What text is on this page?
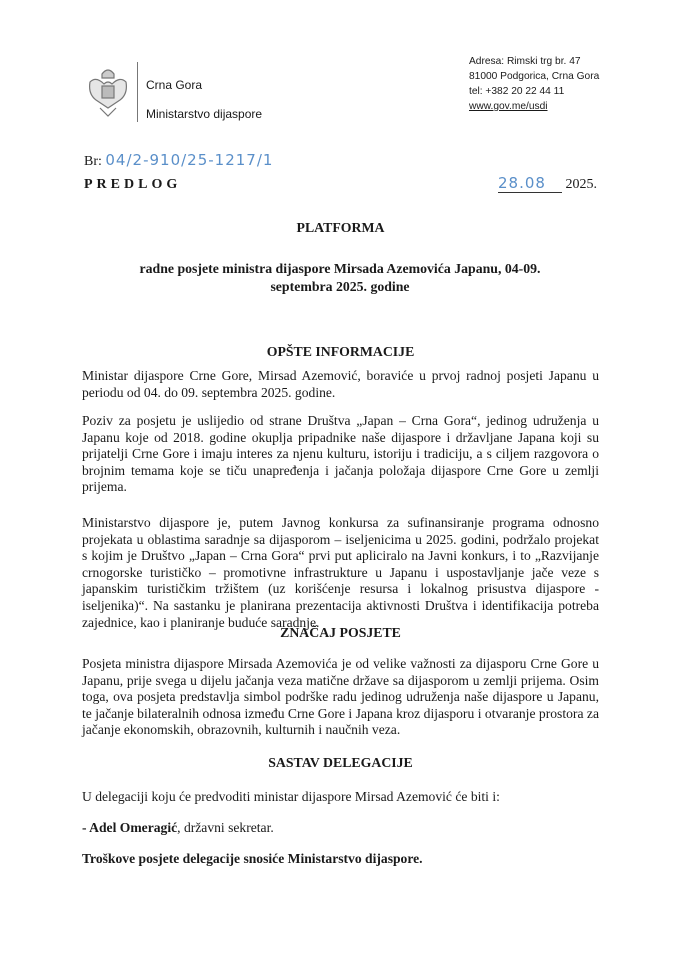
Crna Gora
Ministarstvo dijaspore
Adresa: Rimski trg br. 47
81000 Podgorica, Crna Gora
tel: +382 20 22 44 11
www.gov.me/usdi
Br: 04/2-910/25-1217/1
PREDLOG	28.08 2025.
PLATFORMA
radne posjete ministra dijaspore Mirsada Azemovića Japanu, 04-09. septembra 2025. godine
OPŠTE INFORMACIJE
Ministar dijaspore Crne Gore, Mirsad Azemović, boraviće u prvoj radnoj posjeti Japanu u periodu od 04. do 09. septembra 2025. godine.
Poziv za posjetu je uslijedio od strane Društva „Japan – Crna Gora“, jedinog udruženja u Japanu koje od 2018. godine okuplja pripadnike naše dijaspore i državljane Japana koji su prijatelji Crne Gore i imaju interes za njenu kulturu, istoriju i tradiciju, a s ciljem razgovora o brojnim temama koje se tiču unapređenja i jačanja položaja dijaspore Crne Gore u zemlji prijema.
Ministarstvo dijaspore je, putem Javnog konkursa za sufinansiranje programa odnosno projekata u oblastima saradnje sa dijasporom – iseljenicima u 2025. godini, podržalo projekat s kojim je Društvo „Japan – Crna Gora“ prvi put apliciralo na Javni konkurs, i to „Razvijanje crnogorske turističko – promotivne infrastrukture u Japanu i uspostavljanje jače veze s japanskim turističkim tržištem (uz korišćenje resursa i lokalnog prisustva dijaspore - iseljenika)“. Na sastanku je planirana prezentacija aktivnosti Društva i identifikacija potreba zajednice, kao i planiranje buduće saradnje.
ZNAČAJ POSJETE
Posjeta ministra dijaspore Mirsada Azemovića je od velike važnosti za dijasporu Crne Gore u Japanu, prije svega u dijelu jačanja veza matične države sa dijasporom u zemlji prijema. Osim toga, ova posjeta predstavlja simbol podrške radu jedinog udruženja naše dijaspore u Japanu, te jačanje bilateralnih odnosa između Crne Gore i Japana kroz dijasporu i otvaranje prostora za jačanje ekonomskih, obrazovnih, kulturnih i naučnih veza.
SASTAV DELEGACIJE
U delegaciji koju će predvoditi ministar dijaspore Mirsad Azemović će biti i:
- Adel Omeragić, državni sekretar.
Troškove posjete delegacije snosiće Ministarstvo dijaspore.
